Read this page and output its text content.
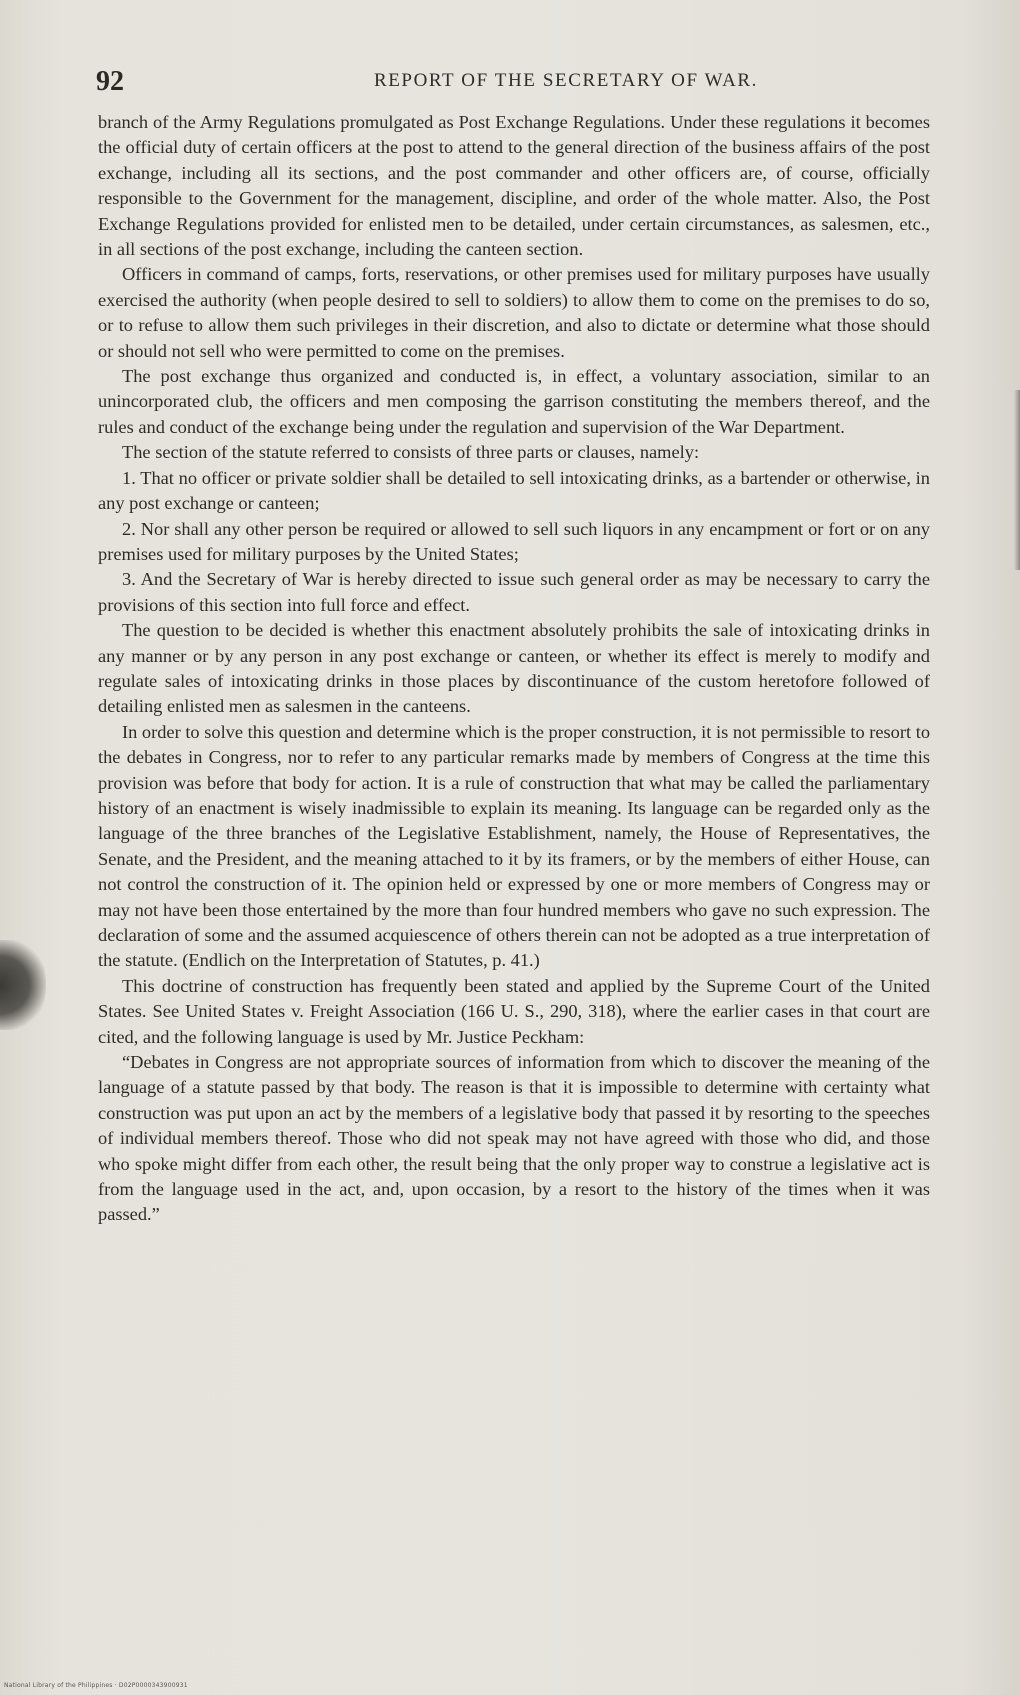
92	REPORT OF THE SECRETARY OF WAR.

branch of the Army Regulations promulgated as Post Exchange Regulations. Under these regulations it becomes the official duty of certain officers at the post to attend to the general direction of the business affairs of the post exchange, including all its sections, and the post commander and other officers are, of course, officially responsible to the Government for the management, discipline, and order of the whole matter. Also, the Post Exchange Regulations provided for enlisted men to be detailed, under certain circumstances, as salesmen, etc., in all sections of the post exchange, including the canteen section.

Officers in command of camps, forts, reservations, or other premises used for military purposes have usually exercised the authority (when people desired to sell to soldiers) to allow them to come on the premises to do so, or to refuse to allow them such privileges in their discretion, and also to dictate or determine what those should or should not sell who were permitted to come on the premises.

The post exchange thus organized and conducted is, in effect, a voluntary association, similar to an unincorporated club, the officers and men composing the garrison constituting the members thereof, and the rules and conduct of the exchange being under the regulation and supervision of the War Department.

The section of the statute referred to consists of three parts or clauses, namely:

1. That no officer or private soldier shall be detailed to sell intoxicating drinks, as a bartender or otherwise, in any post exchange or canteen;

2. Nor shall any other person be required or allowed to sell such liquors in any encampment or fort or on any premises used for military purposes by the United States;

3. And the Secretary of War is hereby directed to issue such general order as may be necessary to carry the provisions of this section into full force and effect.

The question to be decided is whether this enactment absolutely prohibits the sale of intoxicating drinks in any manner or by any person in any post exchange or canteen, or whether its effect is merely to modify and regulate sales of intoxicating drinks in those places by discontinuance of the custom heretofore followed of detailing enlisted men as salesmen in the canteens.

In order to solve this question and determine which is the proper construction, it is not permissible to resort to the debates in Congress, nor to refer to any particular remarks made by members of Congress at the time this provision was before that body for action. It is a rule of construction that what may be called the parliamentary history of an enactment is wisely inadmissible to explain its meaning. Its language can be regarded only as the language of the three branches of the Legislative Establishment, namely, the House of Representatives, the Senate, and the President, and the meaning attached to it by its framers, or by the members of either House, can not control the construction of it. The opinion held or expressed by one or more members of Congress may or may not have been those entertained by the more than four hundred members who gave no such expression. The declaration of some and the assumed acquiescence of others therein can not be adopted as a true interpretation of the statute. (Endlich on the Interpretation of Statutes, p. 41.)

This doctrine of construction has frequently been stated and applied by the Supreme Court of the United States. See United States v. Freight Association (166 U. S., 290, 318), where the earlier cases in that court are cited, and the following language is used by Mr. Justice Peckham:

“Debates in Congress are not appropriate sources of information from which to discover the meaning of the language of a statute passed by that body. The reason is that it is impossible to determine with certainty what construction was put upon an act by the members of a legislative body that passed it by resorting to the speeches of individual members thereof. Those who did not speak may not have agreed with those who did, and those who spoke might differ from each other, the result being that the only proper way to construe a legislative act is from the language used in the act, and, upon occasion, by a resort to the history of the times when it was passed.”

National Library of the Philippines · D02P0000343900931
